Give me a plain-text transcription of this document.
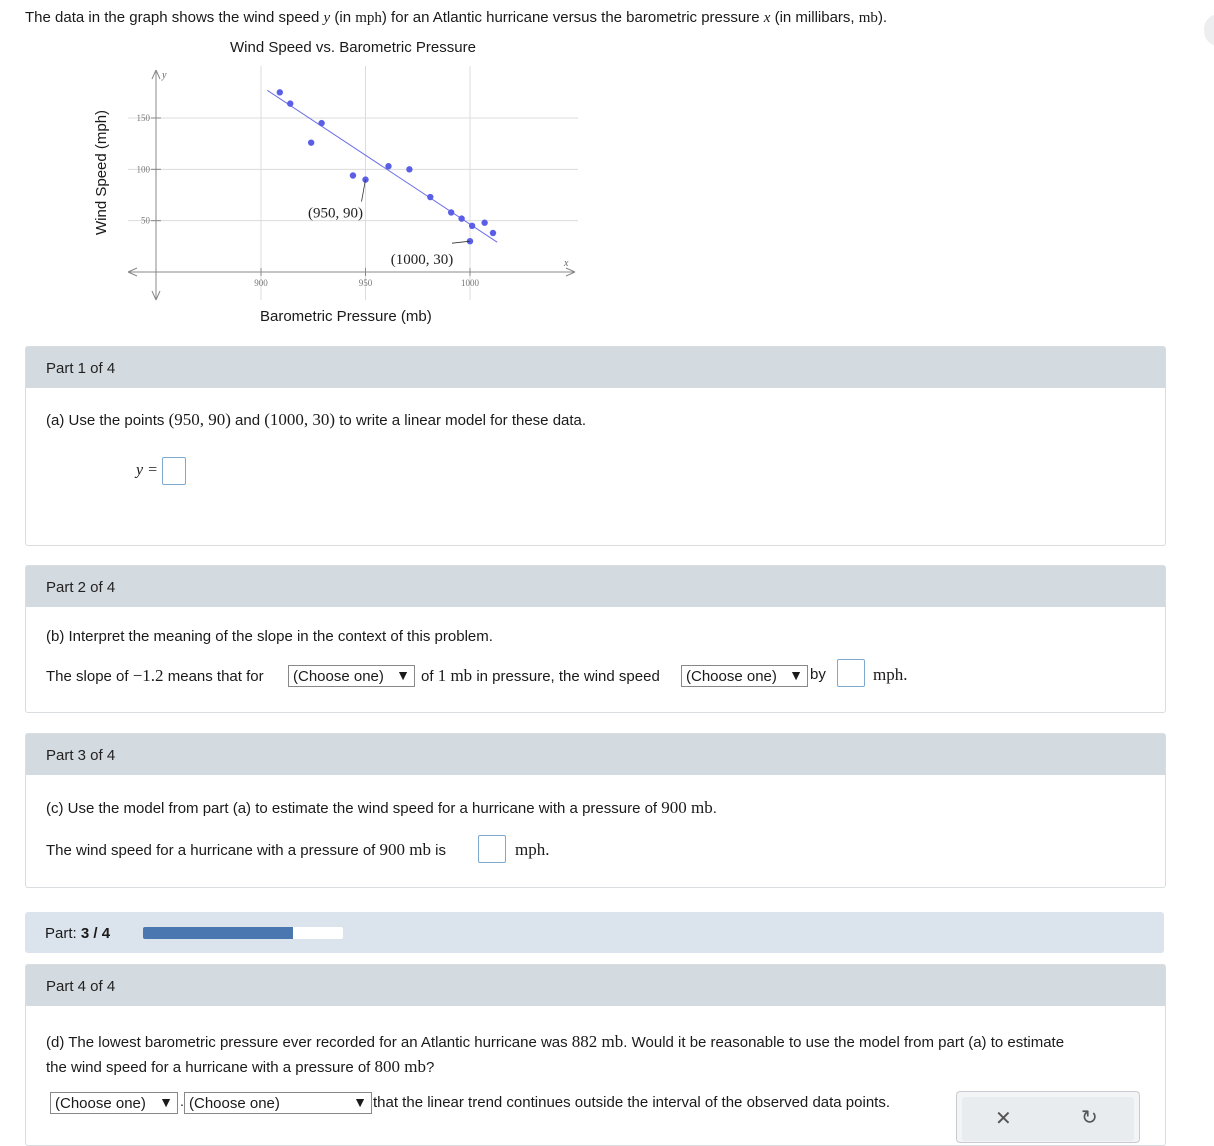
The data in the graph shows the wind speed y (in mph) for an Atlantic hurricane versus the barometric pressure x (in millibars, mb).
Wind Speed vs. Barometric Pressure
Wind Speed (mph)
Barometric Pressure (mb)
y
x
900	950	1000
50
100
150
(950, 90)
(1000, 30)
Part 1 of 4
(a) Use the points (950, 90) and (1000, 30) to write a linear model for these data.
y =
Part 2 of 4
(b) Interpret the meaning of the slope in the context of this problem.
The slope of −1.2 means that for (Choose one) ▼ of 1 mb in pressure, the wind speed (Choose one) ▼ by	mph.
Part 3 of 4
(c) Use the model from part (a) to estimate the wind speed for a hurricane with a pressure of 900 mb.
The wind speed for a hurricane with a pressure of 900 mb is	mph.
Part: 3 / 4
Part 4 of 4
(d) The lowest barometric pressure ever recorded for an Atlantic hurricane was 882 mb. Would it be reasonable to use the model from part (a) to estimate
the wind speed for a hurricane with a pressure of 800 mb?
(Choose one) ▼ . (Choose one)	▼ that the linear trend continues outside the interval of the observed data points.
✕	↻
